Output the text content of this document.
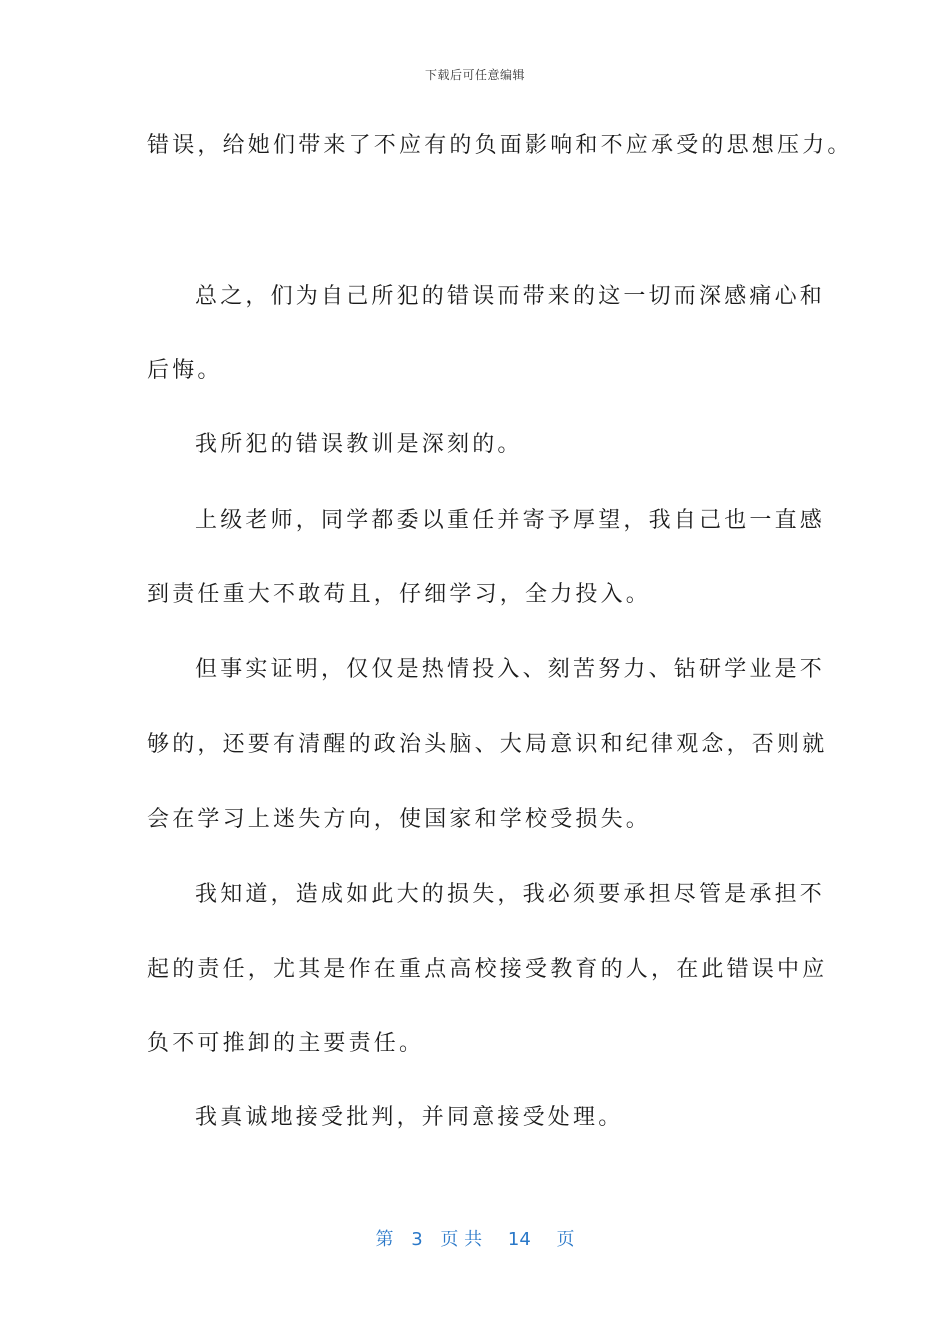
下载后可任意编辑
错误，给她们带来了不应有的负面影响和不应承受的思想压力。
总之，们为自己所犯的错误而带来的这一切而深感痛心和
后悔。
我所犯的错误教训是深刻的。
上级老师，同学都委以重任并寄予厚望，我自己也一直感
到责任重大不敢苟且，仔细学习，全力投入。
但事实证明，仅仅是热情投入、刻苦努力、钻研学业是不
够的，还要有清醒的政治头脑、大局意识和纪律观念，否则就
会在学习上迷失方向，使国家和学校受损失。
我知道，造成如此大的损失，我必须要承担尽管是承担不
起的责任，尤其是作在重点高校接受教育的人，在此错误中应
负不可推卸的主要责任。
我真诚地接受批判，并同意接受处理。
第 3 页 共 14 页
